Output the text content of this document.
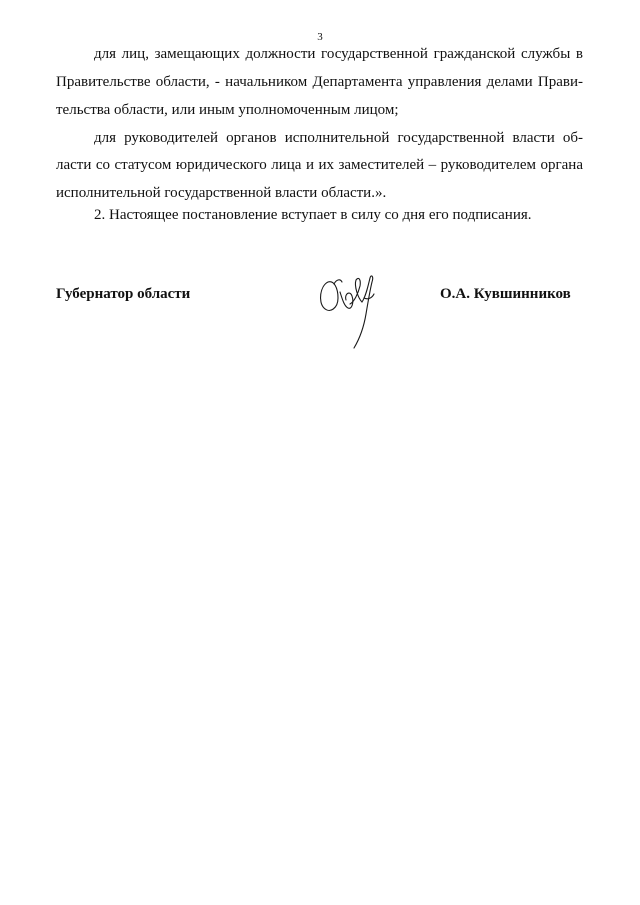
3
для лиц, замещающих должности государственной гражданской службы в
Правительстве области, - начальником Департамента управления делами Прави-
тельства области, или иным уполномоченным лицом;
для руководителей органов исполнительной государственной власти об-
ласти со статусом юридического лица и их заместителей – руководителем органа
исполнительной государственной власти области.».
2. Настоящее постановление вступает в силу со дня его подписания.
Губернатор области	О.А. Кувшинников
